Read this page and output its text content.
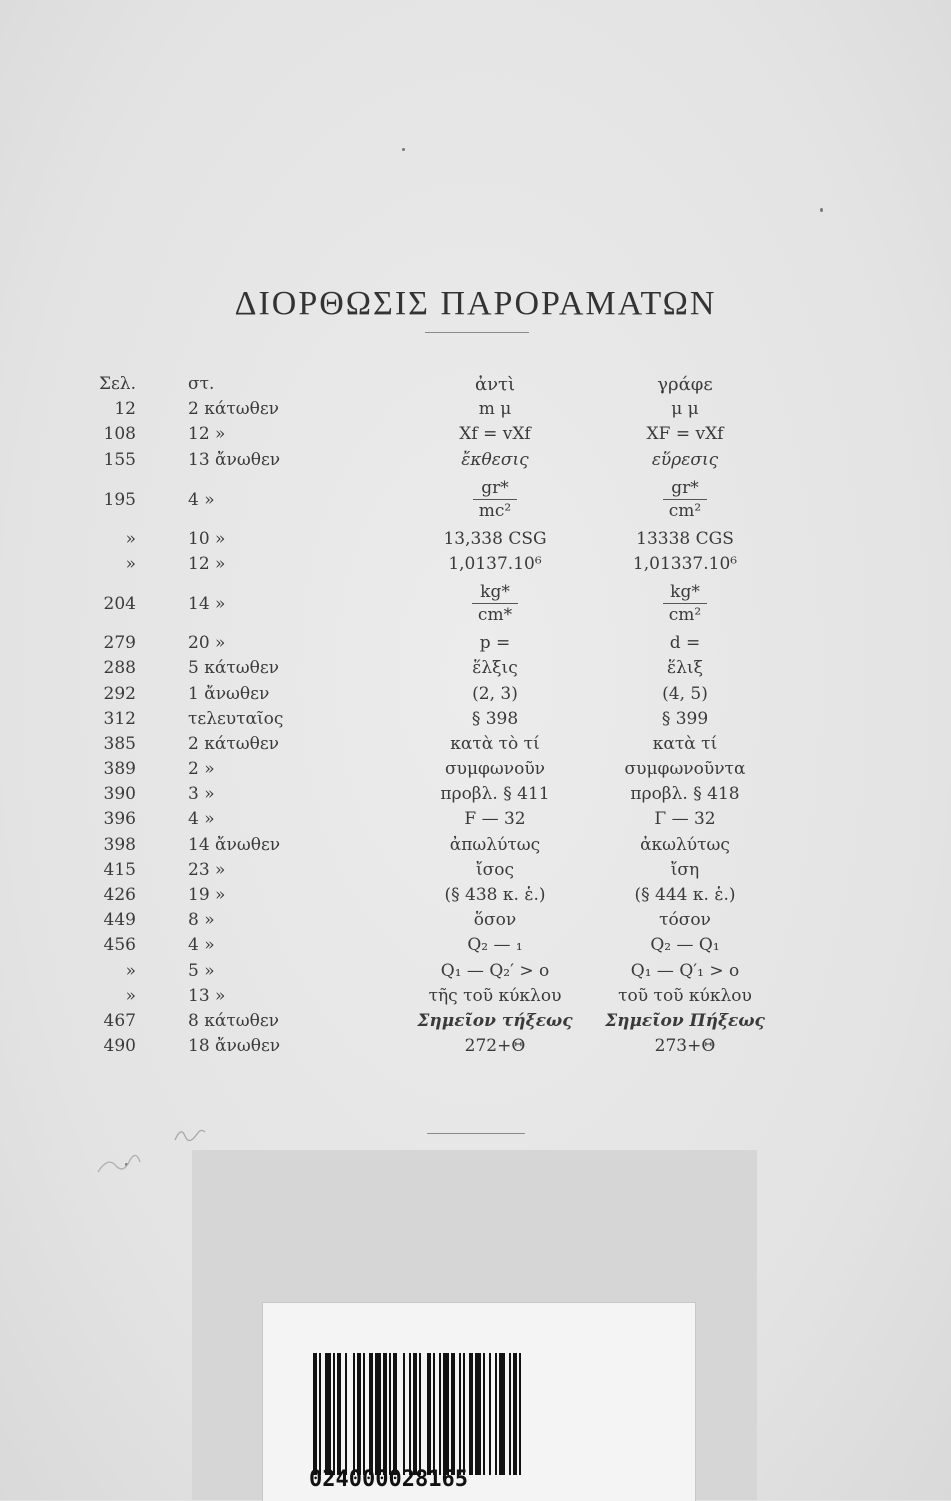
ΔΙΟΡΘΩΣΙΣ ΠΑΡΟΡΑΜΑΤΩΝ
Σελ.	στ.	ἀντὶ	γράφε
12	2 κάτωθεν	m μ	μ μ
108	12 »	Xf = vXf	XF = vXf
155	13 ἄνωθεν	ἔκθεσις	εὕρεσις
195	4 »	$\frac{gr*}{\text{mc²}}$	$\frac{gr*}{\text{cm²}}$
»	10 »	13,338 CSG	13338 CGS
»	12 »	1,0137.10⁶	1,01337.10⁶
204	14 »	$\frac{kg*}{cm*}$	$\frac{kg*}{\text{cm²}}$
279	20 »	p =	d =
288	5 κάτωθεν	ἕλξις	ἕλιξ
292	1 ἄνωθεν	(2, 3)	(4, 5)
312	τελευταῖος	§ 398	§ 399
385	2 κάτωθεν	κατὰ τὸ τί	κατὰ τί
389	2 »	συμφωνοῦν	συμφωνοῦντα
390	3 »	προβλ. § 411	προβλ. § 418
396	4 »	F — 32	Γ — 32
398	14 ἄνωθεν	ἀπωλύτως	ἀκωλύτως
415	23 »	ἴσος	ἴση
426	19 »	(§ 438 κ. ἑ.)	(§ 444 κ. ἑ.)
449	8 »	ὅσον	τόσον
456	4 »	Q₂ — ₁	Q₂ — Q₁
»	5 »	Q₁ — Q₂′ > o	Q₁ — Q′₁ > o
»	13 »	τῆς τοῦ κύκλου	τοῦ τοῦ κύκλου
467	8 κάτωθεν	Σημεῖον τήξεως	Σημεῖον Πήξεως
490	18 ἄνωθεν	272+Θ	273+Θ
024000028165
